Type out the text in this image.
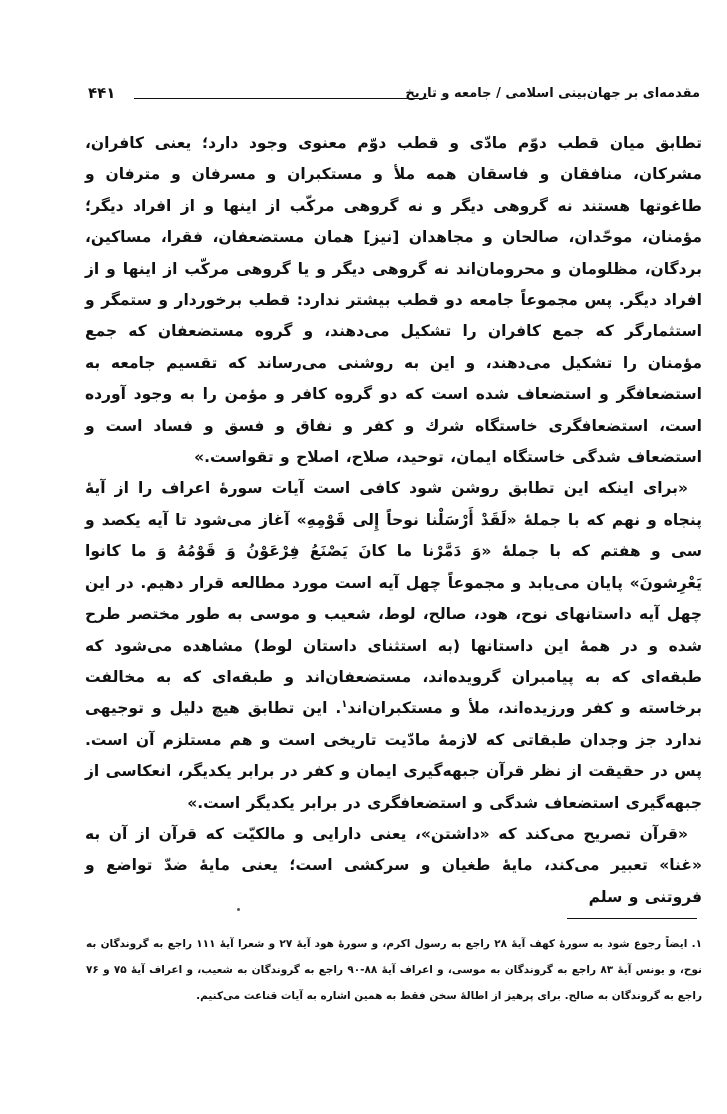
مقدمه‌ای بر جهان‌بینی اسلامی / جامعه و تاریخ
۴۴۱

تطابق میان قطب دوّم مادّی و قطب دوّم معنوی وجود دارد؛ یعنی کافران، مشرکان، منافقان و فاسقان همه ملأ و مستکبران و مسرفان و مترفان و طاغوتها هستند نه گروهی دیگر و نه گروهی مرکّب از اینها و از افراد دیگر؛ مؤمنان، موحّدان، صالحان و مجاهدان [نیز] همان مستضعفان، فقرا، مساکین، بردگان، مظلومان و محرومان‌اند نه گروهی دیگر و یا گروهی مرکّب از اینها و از افراد دیگر. پس مجموعاً جامعه دو قطب بیشتر ندارد: قطب برخوردار و ستمگر و استثمارگر که جمع کافران را تشکیل می‌دهند، و گروه مستضعفان که جمع مؤمنان را تشکیل می‌دهند، و این به روشنی می‌رساند که تقسیم جامعه به استضعافگر و استضعاف شده است که دو گروه کافر و مؤمن را به وجود آورده است، استضعافگری خاستگاه شرك و كفر و نفاق و فسق و فساد است و استضعاف شدگی خاستگاه ایمان، توحید، صلاح، اصلاح و تقواست.»

«برای اینکه این تطابق روشن شود کافی است آیات سورهٔ اعراف را از آیهٔ پنجاه و نهم که با جملهٔ «لَقَدْ أَرْسَلْنا نوحاً إِلى قَوْمِهِ» آغاز می‌شود تا آیه یکصد و سی و هفتم که با جملهٔ «وَ دَمَّرْنا ما کانَ یَصْنَعُ فِرْعَوْنُ وَ قَوْمُهُ وَ ما کانوا یَعْرِشونَ» پایان می‌یابد و مجموعاً چهل آیه است مورد مطالعه قرار دهیم. در این چهل آیه داستانهای نوح، هود، صالح، لوط، شعیب و موسی به طور مختصر طرح شده و در همهٔ این داستانها (به استثنای داستان لوط) مشاهده می‌شود که طبقه‌ای که به پیامبران گرویده‌اند، مستضعفان‌اند و طبقه‌ای که به مخالفت برخاسته و کفر ورزیده‌اند، ملأ و مستکبران‌اند$^۱$. این تطابق هیچ دلیل و توجیهی ندارد جز وجدان طبقاتی که لازمهٔ مادّیت تاریخی است و هم مستلزم آن است. پس در حقیقت از نظر قرآن جبهه‌گیری ایمان و کفر در برابر یکدیگر، انعکاسی از جبهه‌گیری استضعاف شدگی و استضعافگری در برابر یکدیگر است.»

«قرآن تصریح می‌کند که «داشتن»، یعنی دارایی و مالکیّت که قرآن از آن به «غنا» تعبیر می‌کند، مایهٔ طغیان و سرکشی است؛ یعنی مایهٔ ضدّ تواضع و فروتنی و سلم

۱. ایضاً رجوع شود به سورهٔ کهف آیهٔ ۲۸ راجع به رسول اکرم، و سورهٔ هود آیهٔ ۲۷ و شعرا آیهٔ ۱۱۱ راجع به گروندگان به نوح، و یونس آیهٔ ۸۳ راجع به گروندگان به موسی، و اعراف آیهٔ ۸۸-۹۰ راجع به گروندگان به شعیب، و اعراف آیهٔ ۷۵ و ۷۶ راجع به گروندگان به صالح. برای پرهیز از اطالهٔ سخن فقط به همین اشاره به آیات قناعت می‌کنیم.
